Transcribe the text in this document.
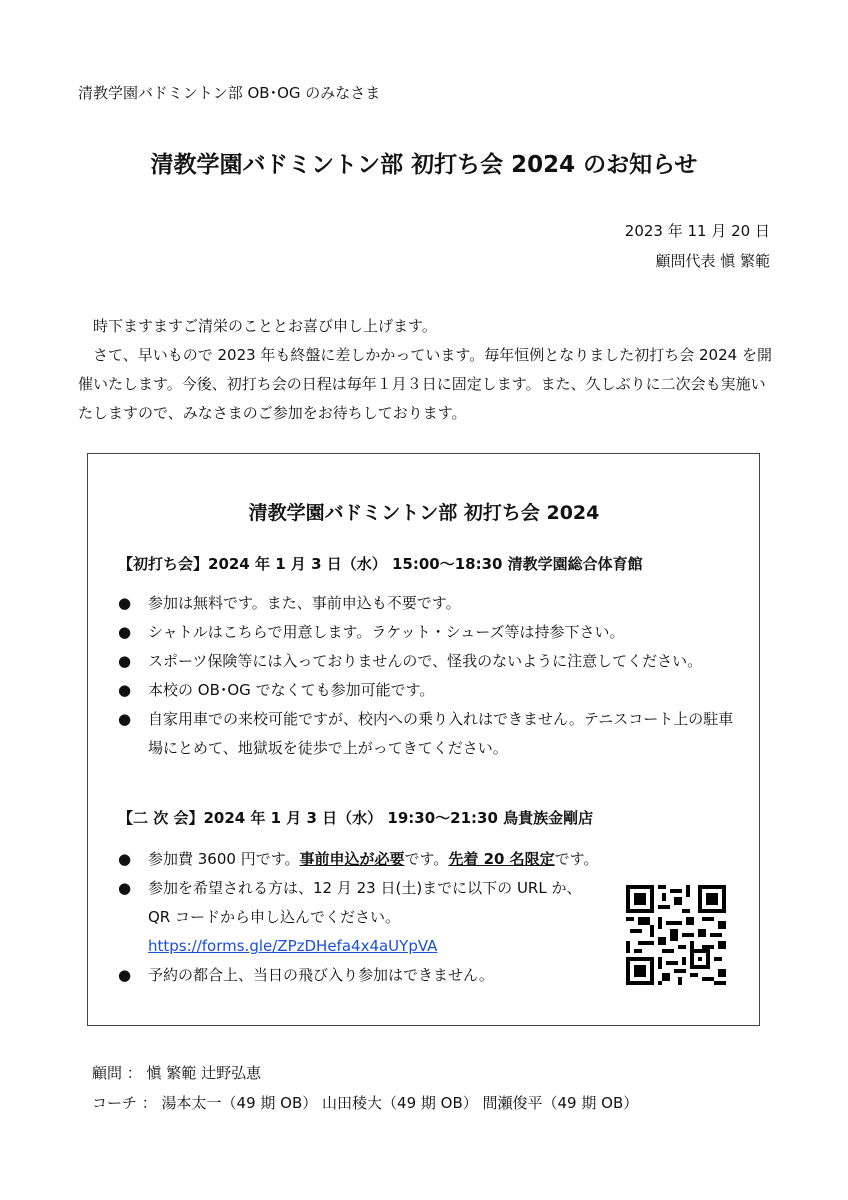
清教学園バドミントン部 OB･OG のみなさま
清教学園バドミントン部 初打ち会 2024 のお知らせ
2023 年 11 月 20 日
顧問代表 愼 繁範

　時下ますますご清栄のこととお喜び申し上げます。

　さて、早いもので 2023 年も終盤に差しかかっています。毎年恒例となりました初打ち会 2024 を開催いたします。今後、初打ち会の日程は毎年１月３日に固定します。また、久しぶりに二次会も実施いたしますので、みなさまのご参加をお待ちしております。

清教学園バドミントン部 初打ち会 2024
【初打ち会】2024 年 1 月 3 日（水） 15:00～18:30 清教学園総合体育館
● 参加は無料です。また、事前申込も不要です。
● シャトルはこちらで用意します。ラケット・シューズ等は持参下さい。
● スポーツ保険等には入っておりませんので、怪我のないように注意してください。
● 本校の OB･OG でなくても参加可能です。
● 自家用車での来校可能ですが、校内への乗り入れはできません。テニスコート上の駐車場にとめて、地獄坂を徒歩で上がってきてください。
【二 次 会】2024 年 1 月 3 日（水） 19:30～21:30 鳥貴族金剛店
● 参加費 3600 円です。事前申込が必要です。先着 20 名限定です。
● 参加を希望される方は、12 月 23 日(土)までに以下の URL か、QR コードから申し込んでください。
https://forms.gle/ZPzDHefa4x4aUYpVA
● 予約の都合上、当日の飛び入り参加はできません。
顧問 ： 愼 繁範 辻野弘恵
コーチ ： 湯本太一（49 期 OB） 山田稜大（49 期 OB） 間瀬俊平（49 期 OB）
